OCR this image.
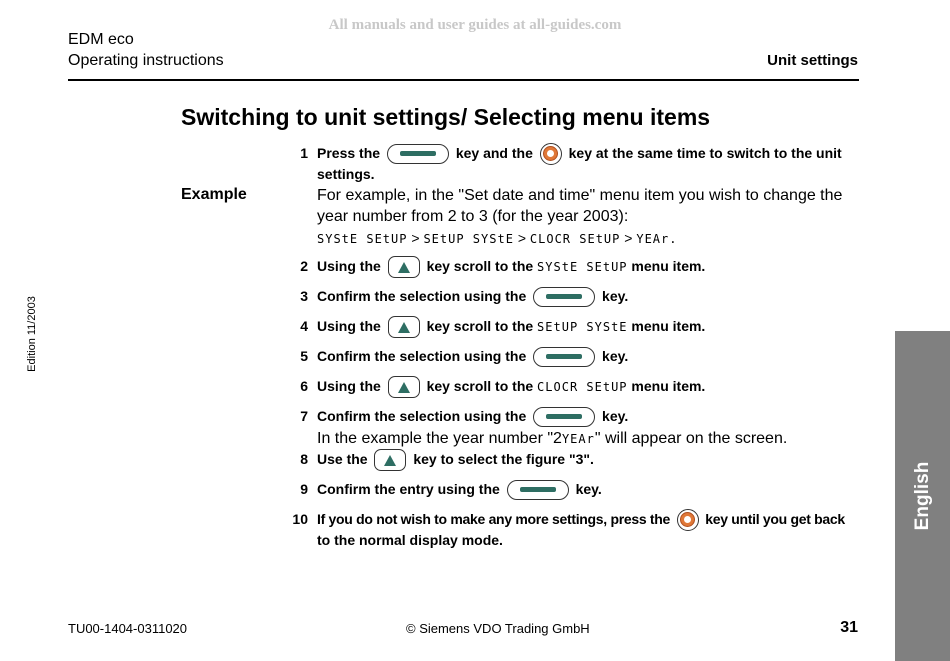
All manuals and user guides at all-guides.com
EDM eco
Operating instructions	Unit settings
Edition 11/2003
English
Switching to unit settings/ Selecting menu items
1 Press the	key and the	key at the same time to switch to the unit
settings.
Example	For example, in the "Set date and time" menu item you wish to change the
year number from 2 to 3 (for the year 2003):
SYStE SEtUP > SEtUP SYStE > CLOCR SEtUP > YEAr.
2 Using the	key scroll to the SYStE SEtUP menu item.
3 Confirm the selection using the	key.
4 Using the	key scroll to the SEtUP SYStE menu item.
5 Confirm the selection using the	key.
6 Using the	key scroll to the CLOCR SEtUP menu item.
7 Confirm the selection using the	key.
In the example the year number "2YEAr" will appear on the screen.
8 Use the	key to select the figure "3".
9 Confirm the entry using the	key.
10 If you do not wish to make any more settings, press the	key until you get back
to the normal display mode.
TU00-1404-0311020	© Siemens VDO Trading GmbH	31
